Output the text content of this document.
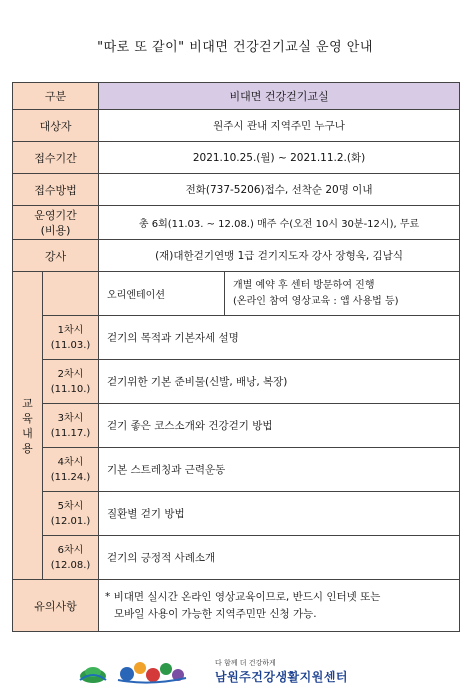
"따로 또 같이" 비대면 건강걷기교실 운영 안내
구분		비대면 건강걷기교실	
대상자		원주시 관내 지역주민 누구나	
접수기간		2021.10.25.(월) ~ 2021.11.2.(화)	
접수방법		전화(737-5206)접수, 선착순 20명 이내	

운영기간
(비용)		총 6회(11.03. ~ 12.08.) 매주 수(오전 10시 30분-12시), 무료	
강사		(재)대한걷기연맹 1급 걷기지도자 강사 장형욱, 김남식	

교육
내용		오리엔테이션	개별 예약 후 센터 방문하여 진행
(온라인 참여 영상교육 : 앱 사용법 등)

	1차시
(11.03.)	걷기의 목적과 기본자세 설명	

	2차시
(11.10.)	걷기위한 기본 준비물(신발, 배낭, 복장)	

	3차시
(11.17.)	걷기 좋은 코스소개와 건강걷기 방법	

	4차시
(11.24.)	기본 스트레칭과 근력운동	

	5차시
(12.01.)	질환별 걷기 방법	

	6차시
(12.08.)	걷기의 긍정적 사례소개	
유의사항		* 비대면 실시간 온라인 영상교육이므로, 반드시 인터넷 또는
모바일 사용이 가능한 지역주민만 신청 가능.	
다 함께 더 건강하게
남원주건강생활지원센터
